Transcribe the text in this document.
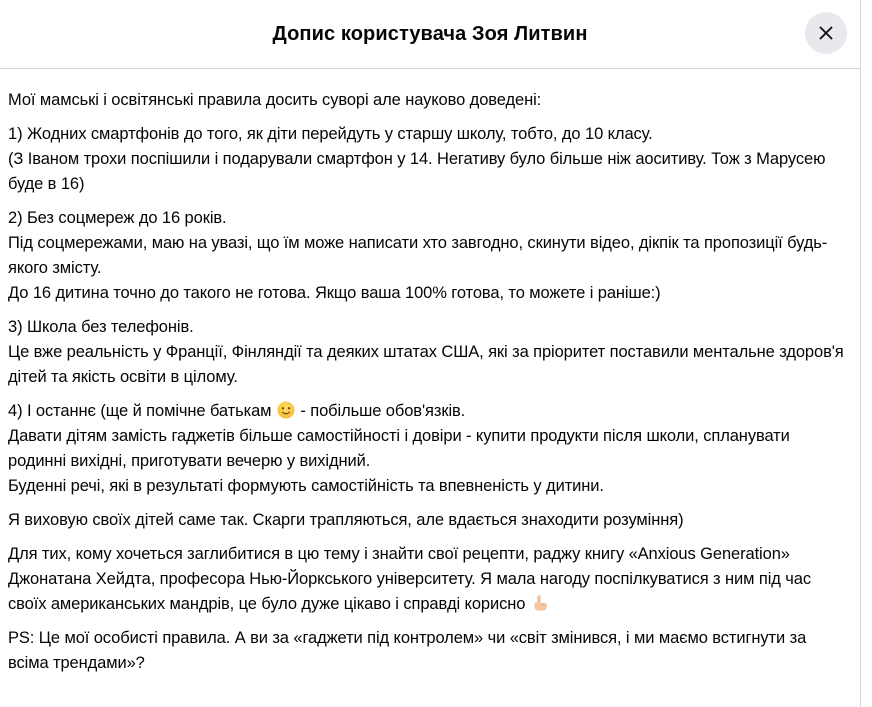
Допис користувача Зоя Литвин
Мої мамські і освітянські правила досить суворі але науково доведені:
1) Жодних смартфонів до того, як діти перейдуть у старшу школу, тобто, до 10 класу.
(З Іваном трохи поспішили і подарували смартфон у 14. Негативу було більше ніж аоситиву. Тож з Марусею буде в 16)
2) Без соцмереж до 16 років.
Під соцмережами, маю на увазі, що їм може написати хто завгодно, скинути відео, дікпік та пропозиції будь-якого змісту.
До 16 дитина точно до такого не готова. Якщо ваша 100% готова, то можете і раніше:)
3) Школа без телефонів.
Це вже реальність у Франції, Фінляндії та деяких штатах США, які за пріоритет поставили ментальне здоров'я дітей та якість освіти в цілому.
4) І останнє (ще й помічне батькам
- побільше обов'язків.
Давати дітям замість гаджетів більше самостійності і довіри - купити продукти після школи, спланувати родинні вихідні, приготувати вечерю у вихідний.
Буденні речі, які в результаті формують самостійність та впевненість у дитини.
Я виховую своїх дітей саме так. Скарги трапляються, але вдається знаходити розуміння)
Для тих, кому хочеться заглибитися в цю тему і знайти свої рецепти, раджу книгу «Anxious Generation» Джонатана Хейдта, професора Нью-Йоркського університету. Я мала нагоду поспілкуватися з ним під час своїх американських мандрів, це було дуже цікаво і справді корисно
PS: Це мої особисті правила. А ви за «гаджети під контролем» чи «світ змінився, і ми маємо встигнути за всіма трендами»?
